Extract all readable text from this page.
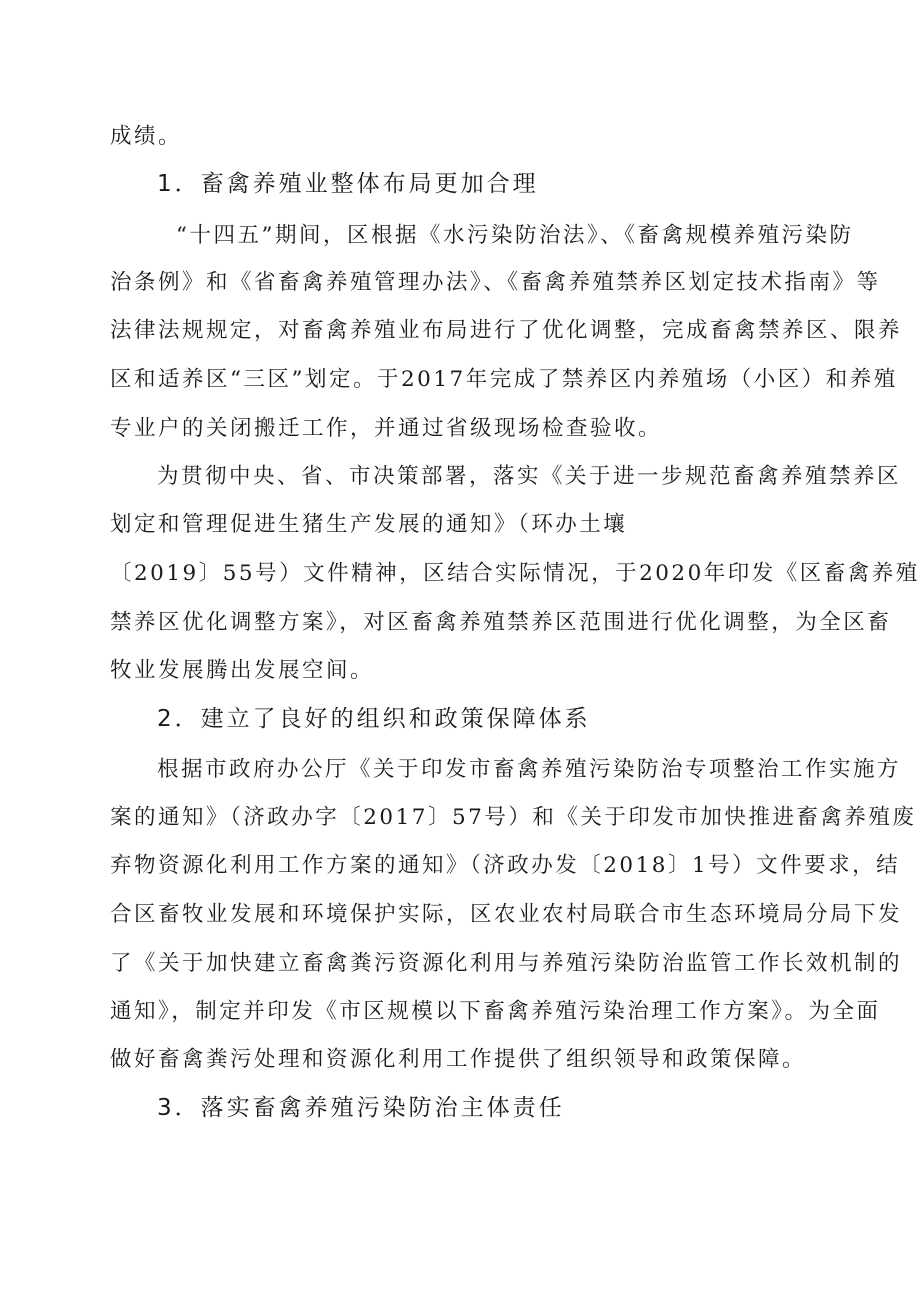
成绩。

1．畜禽养殖业整体布局更加合理

“十四五”期间，区根据《水污染防治法》、《畜禽规模养殖污染防

治条例》和《省畜禽养殖管理办法》、《畜禽养殖禁养区划定技术指南》等

法律法规规定，对畜禽养殖业布局进行了优化调整，完成畜禽禁养区、限养

区和适养区“三区”划定。于2017年完成了禁养区内养殖场（小区）和养殖

专业户的关闭搬迁工作，并通过省级现场检查验收。

为贯彻中央、省、市决策部署，落实《关于进一步规范畜禽养殖禁养区

划定和管理促进生猪生产发展的通知》（环办土壤

〔2019〕55号）文件精神，区结合实际情况，于2020年印发《区畜禽养殖

禁养区优化调整方案》，对区畜禽养殖禁养区范围进行优化调整，为全区畜

牧业发展腾出发展空间。

2．建立了良好的组织和政策保障体系

根据市政府办公厅《关于印发市畜禽养殖污染防治专项整治工作实施方

案的通知》（济政办字〔2017〕57号）和《关于印发市加快推进畜禽养殖废

弃物资源化利用工作方案的通知》（济政办发〔2018〕1号）文件要求，结

合区畜牧业发展和环境保护实际，区农业农村局联合市生态环境局分局下发

了《关于加快建立畜禽粪污资源化利用与养殖污染防治监管工作长效机制的

通知》，制定并印发《市区规模以下畜禽养殖污染治理工作方案》。为全面

做好畜禽粪污处理和资源化利用工作提供了组织领导和政策保障。

3．落实畜禽养殖污染防治主体责任
